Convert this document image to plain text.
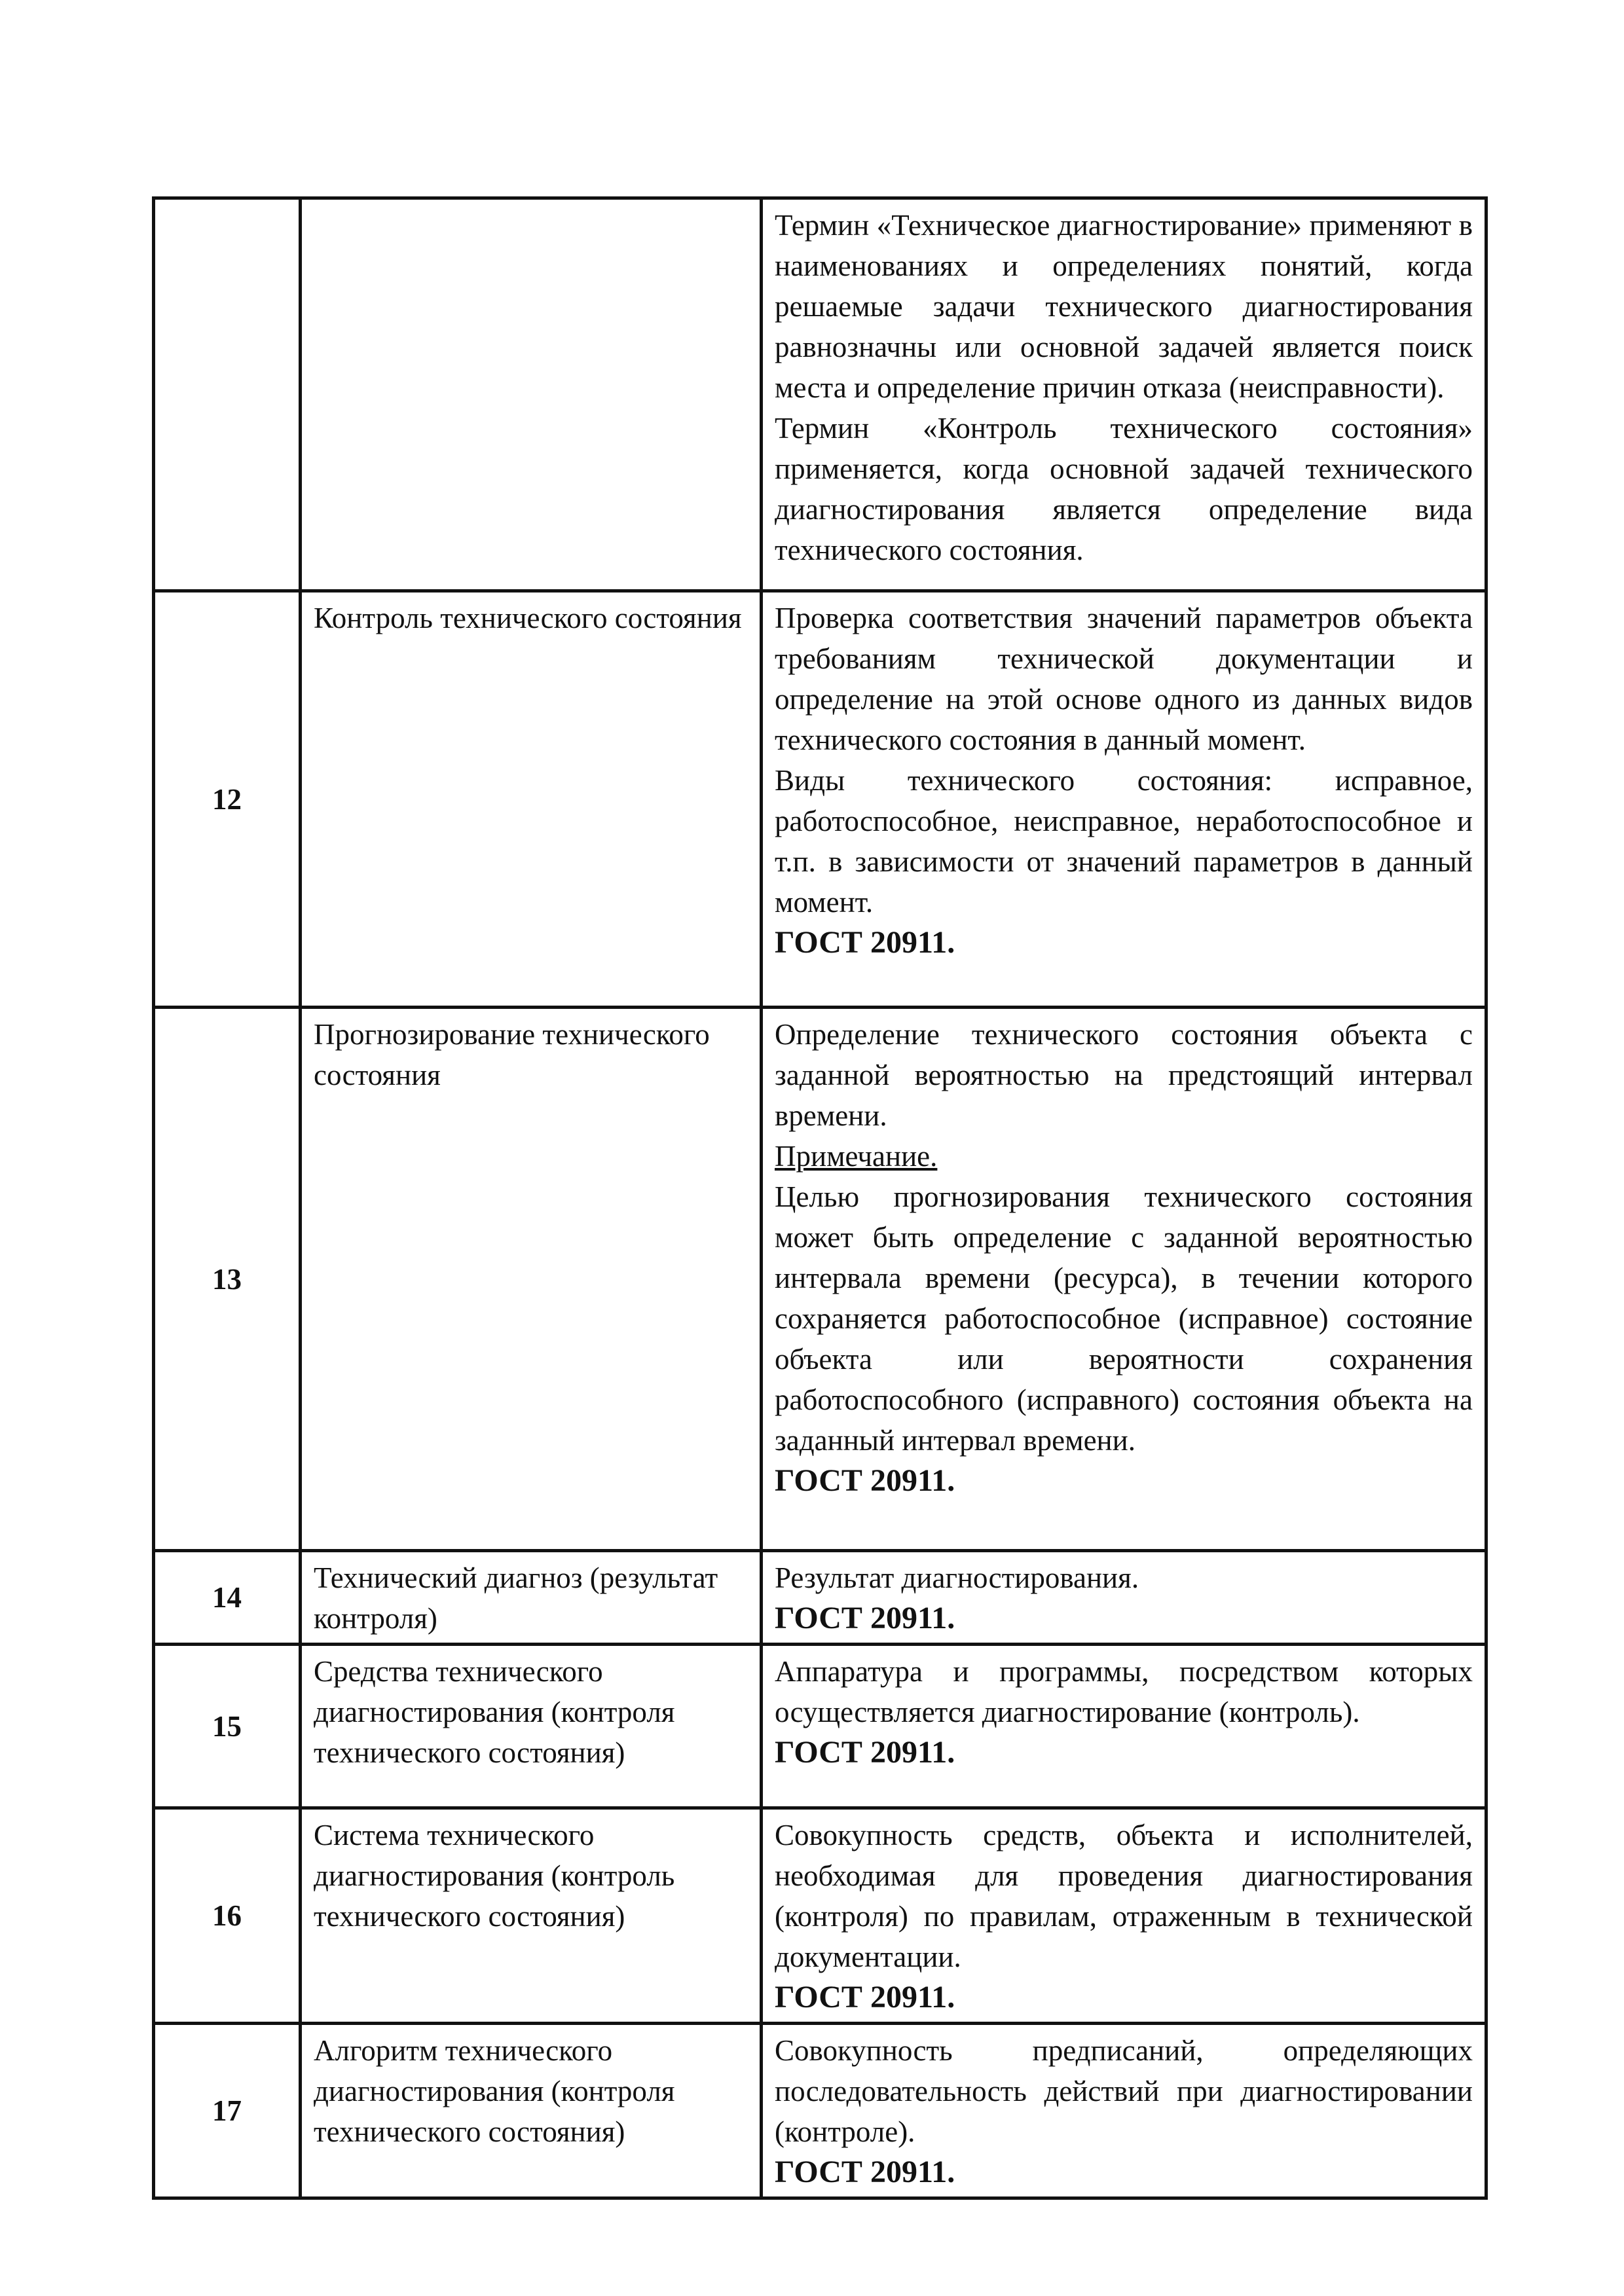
		Термин «Техническое диагностирование» применяют в наименованиях и определениях понятий, когда решаемые задачи технического диагностирования равнозначны или основной задачей является поиск места и определение причин отказа (неисправности).

Термин «Контроль технического состояния» применяется, когда основной задачей технического диагностирования является определение вида технического состояния.

12	Контроль технического состояния	Проверка соответствия значений параметров объекта требованиям технической документации и определение на этой основе одного из данных видов технического состояния в данный момент.

Виды технического состояния: исправное, работоспособное, неисправное, неработоспособное и т.п. в зависимости от значений параметров в данный момент.

ГОСТ 20911.

13	Прогнозирование технического состояния	Определение технического состояния объекта с заданной вероятностью на предстоящий интервал времени.

Примечание.

Целью прогнозирования технического состояния может быть определение с заданной вероятностью интервала времени (ресурса), в течении которого сохраняется работоспособное (исправное) состояние объекта или вероятности сохранения работоспособного (исправного) состояния объекта на заданный интервал времени.

ГОСТ 20911.

14	Технический диагноз (результат контроля)	Результат диагностирования.

ГОСТ 20911.

15	Средства технического диагностирования (контроля технического состояния)	Аппаратура и программы, посредством которых осуществляется диагностирование (контроль).

ГОСТ 20911.

16	Система технического диагностирования (контроль технического состояния)	Совокупность средств, объекта и исполнителей, необходимая для проведения диагностирования (контроля) по правилам, отраженным в технической документации.

ГОСТ 20911.

17	Алгоритм технического диагностирования (контроля технического состояния)	Совокупность предписаний, определяющих последовательность действий при диагностировании (контроле).

ГОСТ 20911.
